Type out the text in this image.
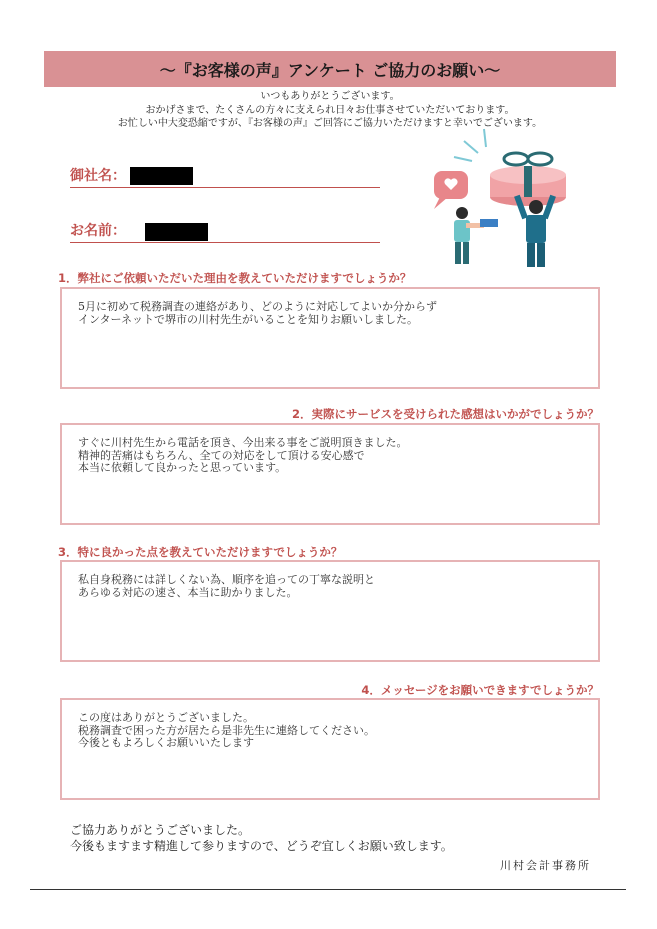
〜『お客様の声』アンケート ご協力のお願い〜
いつもありがとうございます。
おかげさまで、たくさんの方々に支えられ日々お仕事させていただいております。
お忙しい中大変恐縮ですが、『お客様の声』ご回答にご協力いただけますと幸いでございます。
御社名：
お名前：
1．弊社にご依頼いただいた理由を教えていただけますでしょうか？
5月に初めて税務調査の連絡があり、どのように対応してよいか分からず
インターネットで堺市の川村先生がいることを知りお願いしました。
2．実際にサービスを受けられた感想はいかがでしょうか？
すぐに川村先生から電話を頂き、今出来る事をご説明頂きました。
精神的苦痛はもちろん、全ての対応をして頂ける安心感で
本当に依頼して良かったと思っています。
3．特に良かった点を教えていただけますでしょうか？
私自身税務には詳しくない為、順序を追っての丁寧な説明と
あらゆる対応の速さ、本当に助かりました。
4．メッセージをお願いできますでしょうか？
この度はありがとうございました。
税務調査で困った方が居たら是非先生に連絡してください。
今後ともよろしくお願いいたします
ご協力ありがとうございました。
今後もますます精進して参りますので、どうぞ宜しくお願い致します。
川村会計事務所
